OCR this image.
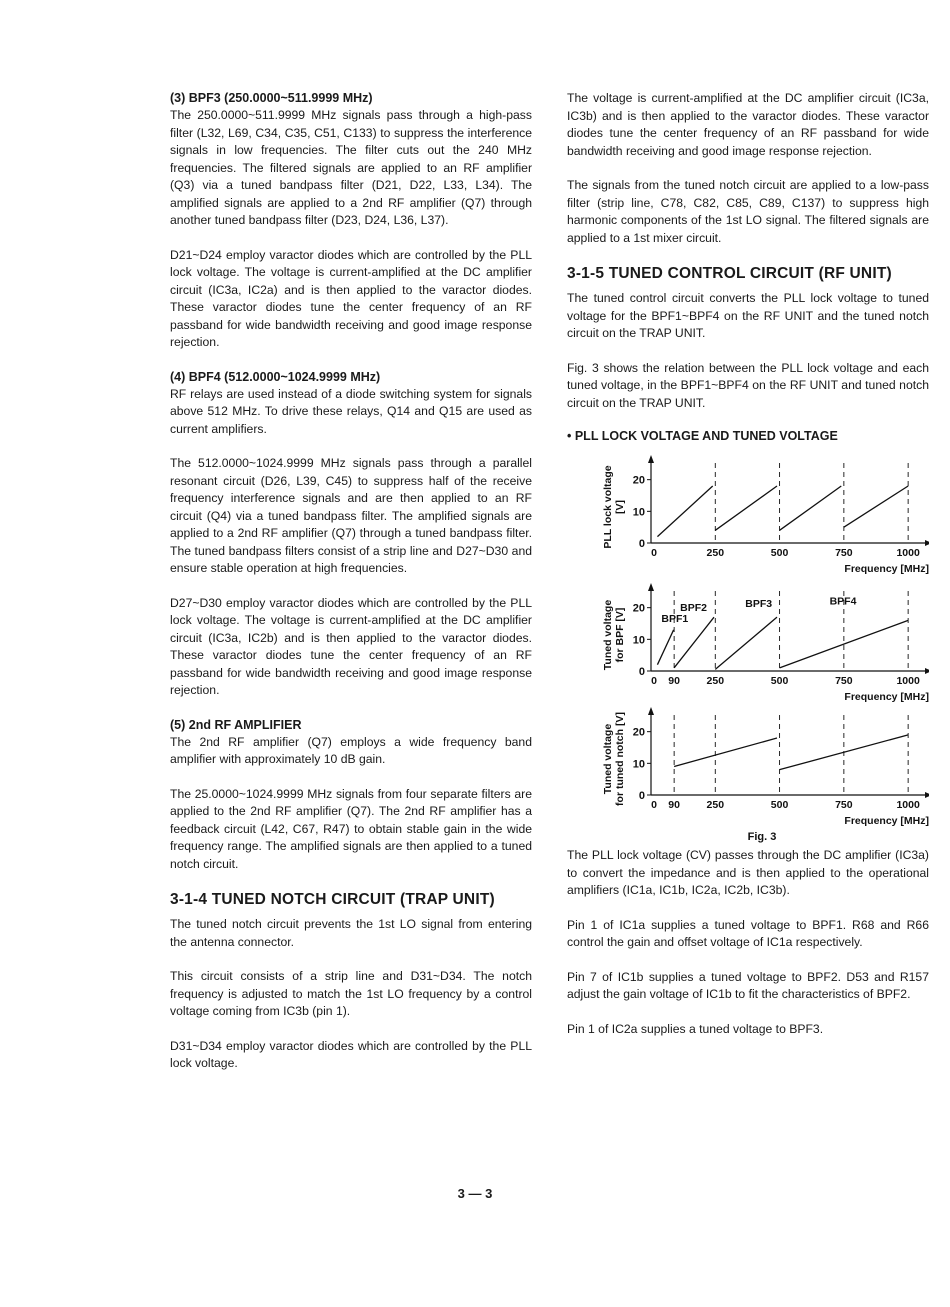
(3) BPF3 (250.0000~511.9999 MHz)

The 250.0000~511.9999 MHz signals pass through a high-pass filter (L32, L69, C34, C35, C51, C133) to suppress the interference signals in low frequencies. The filter cuts out the 240 MHz frequencies. The filtered signals are applied to an RF amplifier (Q3) via a tuned bandpass filter (D21, D22, L33, L34). The amplified signals are applied to a 2nd RF amplifier (Q7) through another tuned bandpass filter (D23, D24, L36, L37).

D21~D24 employ varactor diodes which are controlled by the PLL lock voltage. The voltage is current-amplified at the DC amplifier circuit (IC3a, IC2a) and is then applied to the varactor diodes. These varactor diodes tune the center frequency of an RF passband for wide bandwidth receiving and good image response rejection.

(4) BPF4 (512.0000~1024.9999 MHz)

RF relays are used instead of a diode switching system for signals above 512 MHz. To drive these relays, Q14 and Q15 are used as current amplifiers.

The 512.0000~1024.9999 MHz signals pass through a parallel resonant circuit (D26, L39, C45) to suppress half of the receive frequency interference signals and are then applied to an RF circuit (Q4) via a tuned bandpass filter. The amplified signals are applied to a 2nd RF amplifier (Q7) through a tuned bandpass filter. The tuned bandpass filters consist of a strip line and D27~D30 and ensure stable operation at high frequencies.

D27~D30 employ varactor diodes which are controlled by the PLL lock voltage. The voltage is current-amplified at the DC amplifier circuit (IC3a, IC2b) and is then applied to the varactor diodes. These varactor diodes tune the center frequency of an RF passband for wide bandwidth receiving and good image response rejection.

(5) 2nd RF AMPLIFIER

The 2nd RF amplifier (Q7) employs a wide frequency band amplifier with approximately 10 dB gain.

The 25.0000~1024.9999 MHz signals from four separate filters are applied to the 2nd RF amplifier (Q7). The 2nd RF amplifier has a feedback circuit (L42, C67, R47) to obtain stable gain in the wide frequency range. The amplified signals are then applied to a tuned notch circuit.

3-1-4 TUNED NOTCH CIRCUIT (TRAP UNIT)

The tuned notch circuit prevents the 1st LO signal from entering the antenna connector.

This circuit consists of a strip line and D31~D34. The notch frequency is adjusted to match the 1st LO frequency by a control voltage coming from IC3b (pin 1).

D31~D34 employ varactor diodes which are controlled by the PLL lock voltage.

The voltage is current-amplified at the DC amplifier circuit (IC3a, IC3b) and is then applied to the varactor diodes. These varactor diodes tune the center frequency of an RF passband for wide bandwidth receiving and good image response rejection.

The signals from the tuned notch circuit are applied to a low-pass filter (strip line, C78, C82, C85, C89, C137) to suppress high harmonic components of the 1st LO signal. The filtered signals are applied to a 1st mixer circuit.

3-1-5 TUNED CONTROL CIRCUIT (RF UNIT)

The tuned control circuit converts the PLL lock voltage to tuned voltage for the BPF1~BPF4 on the RF UNIT and the tuned notch circuit on the TRAP UNIT.

Fig. 3 shows the relation between the PLL lock voltage and each tuned voltage, in the BPF1~BPF4 on the RF UNIT and tuned notch circuit on the TRAP UNIT.

• PLL LOCK VOLTAGE AND TUNED VOLTAGE
0
10
20
0	250	500	750	1000
Frequency [MHz]
PLL lock voltage[V]
0
10
20
0 90	250	500	750	1000
Frequency [MHz]
Tuned voltagefor BPF [V]	BPF1
BPF2	BPF3	BPF4
0
10
20
0 90	250	500	750	1000
Frequency [MHz]
Tuned voltagefor tuned notch [V]
Fig. 3

The PLL lock voltage (CV) passes through the DC amplifier (IC3a) to convert the impedance and is then applied to the operational amplifiers (IC1a, IC1b, IC2a, IC2b, IC3b).

Pin 1 of IC1a supplies a tuned voltage to BPF1. R68 and R66 control the gain and offset voltage of IC1a respectively.

Pin 7 of IC1b supplies a tuned voltage to BPF2. D53 and R157 adjust the gain voltage of IC1b to fit the characteristics of BPF2.

Pin 1 of IC2a supplies a tuned voltage to BPF3.

3 — 3
